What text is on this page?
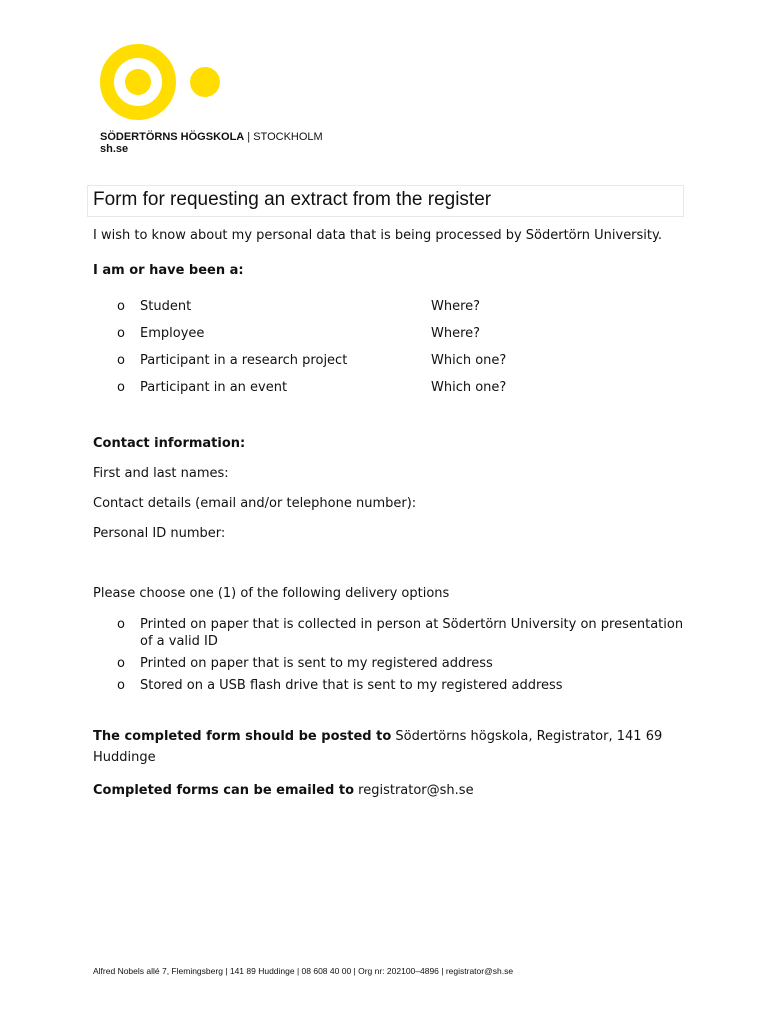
SÖDERTÖRNS HÖGSKOLA | STOCKHOLM
sh.se
Form for requesting an extract from the register
I wish to know about my personal data that is being processed by Södertörn University.
I am or have been a:
o Student	Where?
o Employee	Where?
o Participant in a research project	Which one?
o Participant in an event	Which one?
Contact information:
First and last names:
Contact details (email and/or telephone number):
Personal ID number:
Please choose one (1) of the following delivery options
o Printed on paper that is collected in person at Södertörn University on presentation
of a valid ID
o Printed on paper that is sent to my registered address
o Stored on a USB flash drive that is sent to my registered address
The completed form should be posted to Södertörns högskola, Registrator, 141 69
Huddinge
Completed forms can be emailed to registrator@sh.se
Alfred Nobels allé 7, Flemingsberg | 141 89 Huddinge | 08 608 40 00 | Org nr: 202100–4896 | registrator@sh.se
